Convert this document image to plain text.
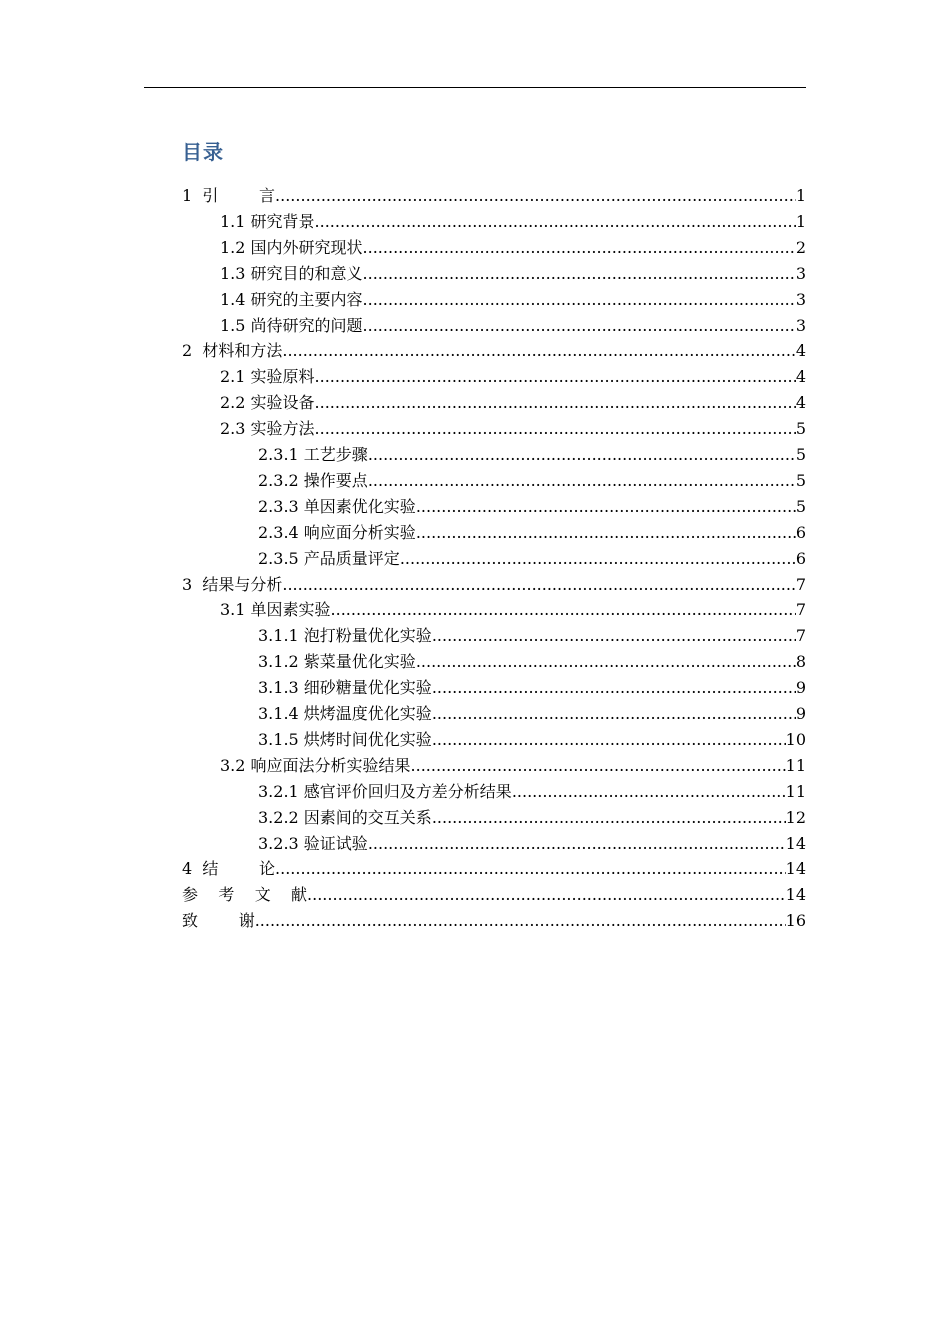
目录
1  引        言 .....	1
1.1 研究背景 .....	1
1.2 国内外研究现状 .....	2
1.3 研究目的和意义 .....	3
1.4 研究的主要内容 .....	3
1.5 尚待研究的问题 .....	3
2  材料和方法 .....	4
2.1 实验原料 .....	4
2.2 实验设备 .....	4
2.3 实验方法 .....	5
2.3.1 工艺步骤 .....	5
2.3.2 操作要点 .....	5
2.3.3 单因素优化实验 .....	5
2.3.4 响应面分析实验 .....	6
2.3.5 产品质量评定 .....	6
3  结果与分析 .....	7
3.1 单因素实验 .....	7
3.1.1 泡打粉量优化实验 .....	7
3.1.2 紫菜量优化实验 .....	8
3.1.3 细砂糖量优化实验 .....	9
3.1.4 烘烤温度优化实验 .....	9
3.1.5 烘烤时间优化实验 .....	10
3.2 响应面法分析实验结果 .....	11
3.2.1 感官评价回归及方差分析结果 .....	11
3.2.2 因素间的交互关系 .....	12
3.2.3 验证试验 .....	14
4  结        论 .....	14
参    考    文    献 .....	14
致        谢 .....	16
